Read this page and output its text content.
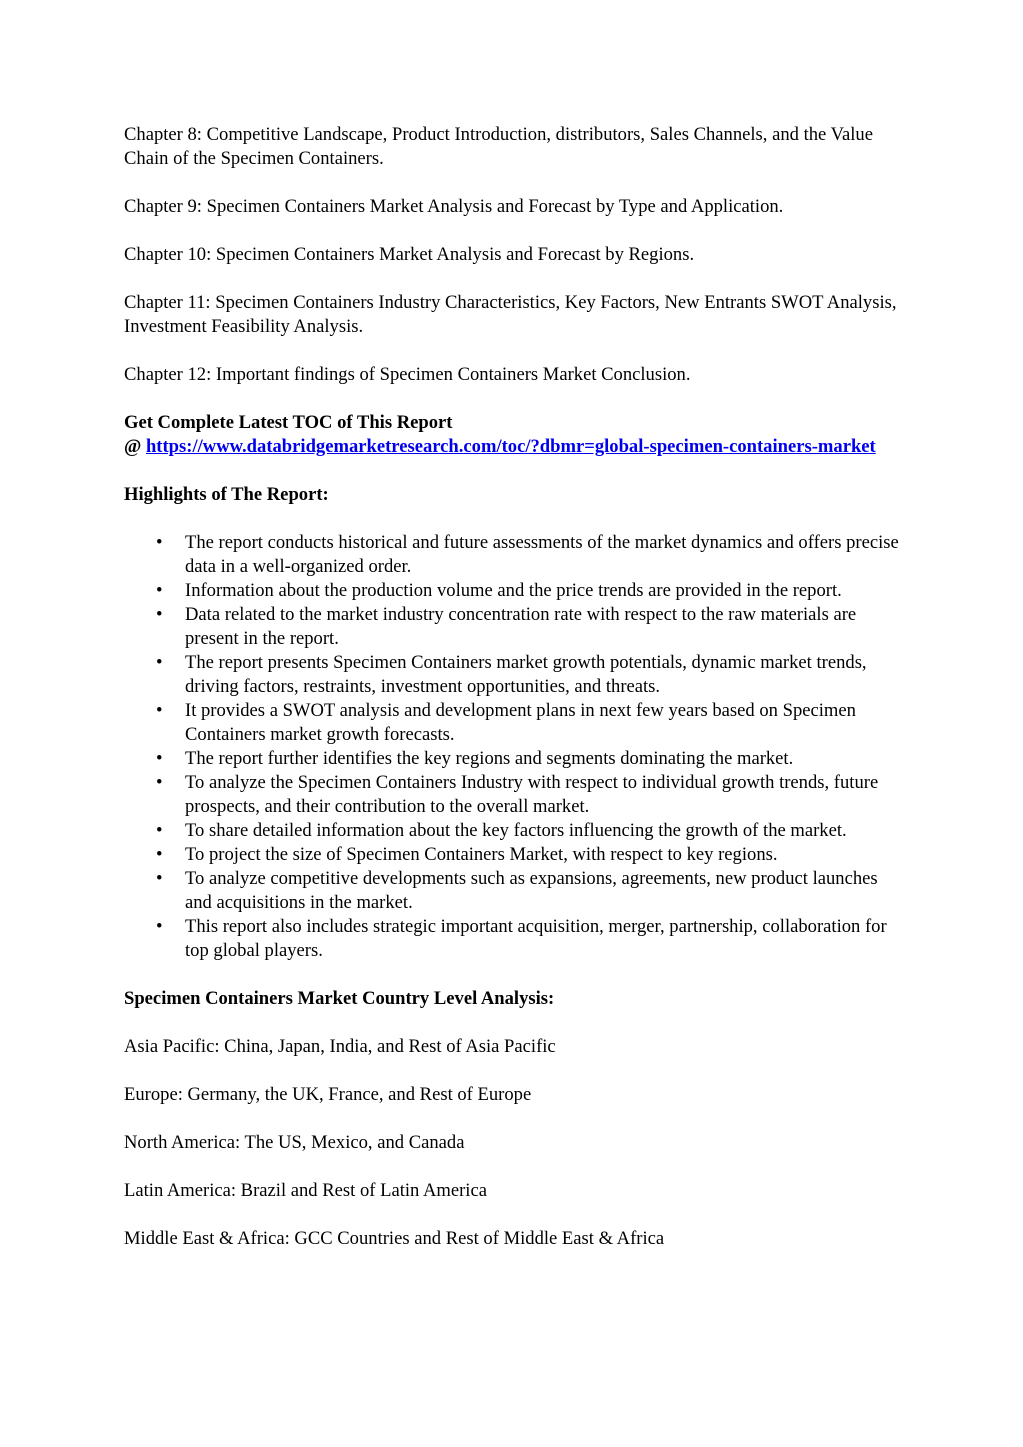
Chapter 8: Competitive Landscape, Product Introduction, distributors, Sales Channels, and the Value Chain of the Specimen Containers.

Chapter 9: Specimen Containers Market Analysis and Forecast by Type and Application.

Chapter 10: Specimen Containers Market Analysis and Forecast by Regions.

Chapter 11: Specimen Containers Industry Characteristics, Key Factors, New Entrants SWOT Analysis, Investment Feasibility Analysis.

Chapter 12: Important findings of Specimen Containers Market Conclusion.

Get Complete Latest TOC of This Report
@ https://www.databridgemarketresearch.com/toc/?dbmr=global-specimen-containers-market

Highlights of The Report:

• The report conducts historical and future assessments of the market dynamics and offers precise data in a well-organized order.
• Information about the production volume and the price trends are provided in the report.
• Data related to the market industry concentration rate with respect to the raw materials are present in the report.
• The report presents Specimen Containers market growth potentials, dynamic market trends, driving factors, restraints, investment opportunities, and threats.
• It provides a SWOT analysis and development plans in next few years based on Specimen Containers market growth forecasts.
• The report further identifies the key regions and segments dominating the market.
• To analyze the Specimen Containers Industry with respect to individual growth trends, future prospects, and their contribution to the overall market.
• To share detailed information about the key factors influencing the growth of the market.
• To project the size of Specimen Containers Market, with respect to key regions.
• To analyze competitive developments such as expansions, agreements, new product launches and acquisitions in the market.
• This report also includes strategic important acquisition, merger, partnership, collaboration for top global players.

Specimen Containers Market Country Level Analysis:

Asia Pacific: China, Japan, India, and Rest of Asia Pacific

Europe: Germany, the UK, France, and Rest of Europe

North America: The US, Mexico, and Canada

Latin America: Brazil and Rest of Latin America

Middle East & Africa: GCC Countries and Rest of Middle East & Africa
